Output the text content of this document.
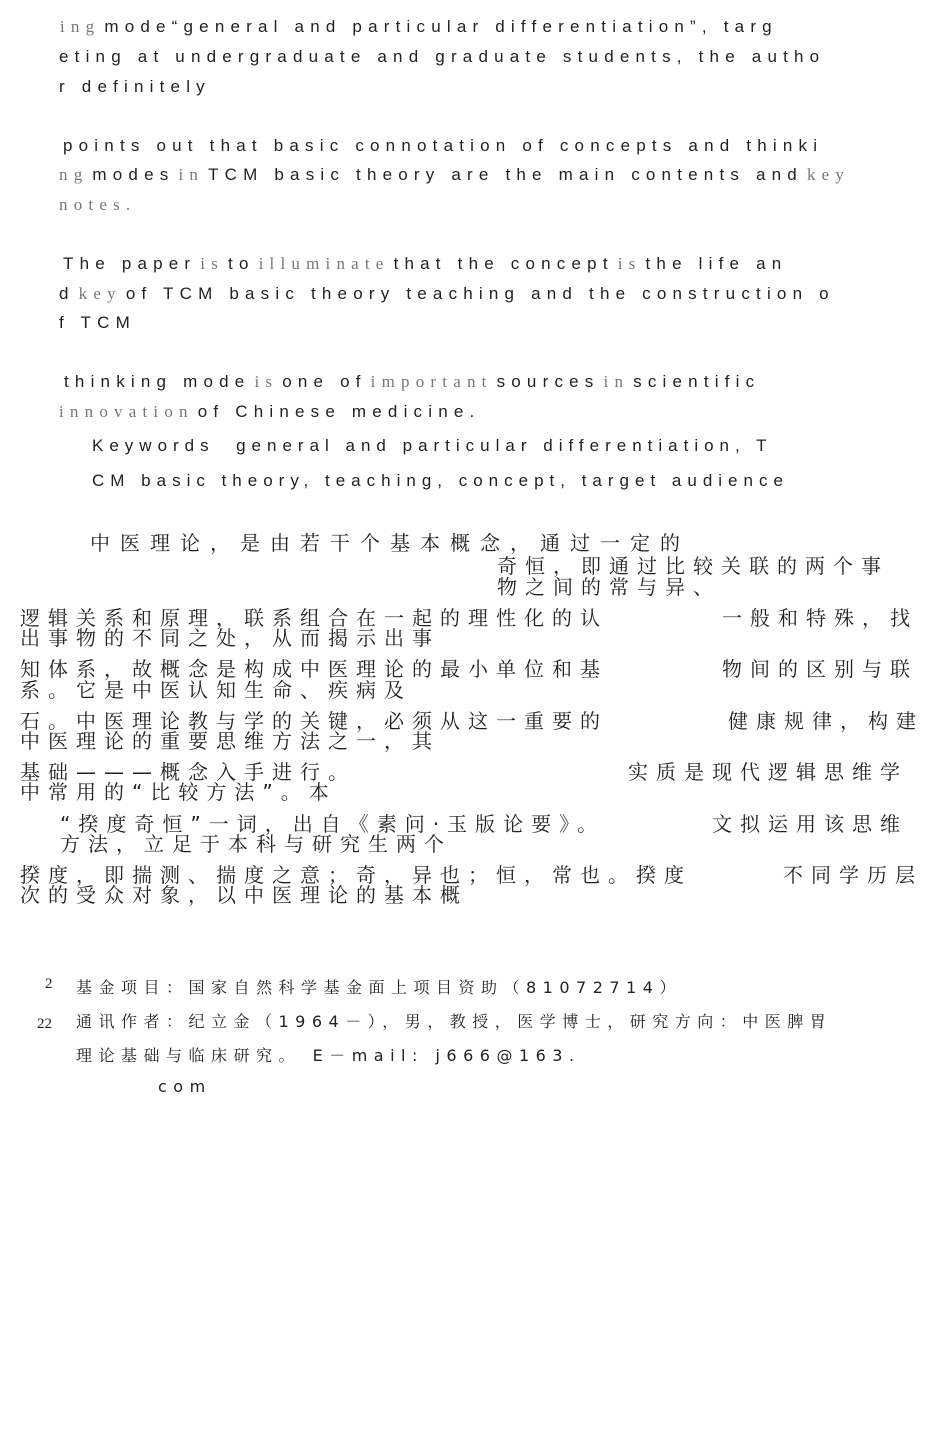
ing mode“general and particular differentiation”, targ
eting at undergraduate and graduate students, the autho
r definitely
points out that basic connotation of concepts and thinki
ng modes in TCM basic theory are the main contents and key
notes.
The paper is to illuminate that the concept is the life an
d key of TCM basic theory teaching and the construction o
f TCM
thinking mode is one of important sources in scientific
innovation of Chinese medicine.
Keywords  general and particular differentiation, T
CM basic theory, teaching, concept, target audience
中医理论，是由若干个基本概念，通过一定的
逻辑关系和原理，联系组合在一起的理性化的认
出事物的不同之处，从而揭示出事
知体系，故概念是构成中医理论的最小单位和基
系。它是中医认知生命、疾病及
石。中医理论教与学的关键，必须从这一重要的
中医理论的重要思维方法之一，其
基础———概念入手进行。
中常用的“比较方法”。本
“揆度奇恒”一词，出自《素问·玉版论要》。
方法，立足于本科与研究生两个
揆度，即揣测、揣度之意；奇，异也；恒，常也。揆度
次的受众对象，以中医理论的基本概
奇恒，即通过比较关联的两个事
物之间的常与异、
一般和特殊，找
物间的区别与联
健康规律，构建
实质是现代逻辑思维学
文拟运用该思维
不同学历层
2 基金项目：国家自然科学基金面上项目资助（81072714）
22 通讯作者：纪立金（1964－），男，教授，医学博士，研究方向：中医脾胃
理论基础与临床研究。 E－mail: j666@163.
com
